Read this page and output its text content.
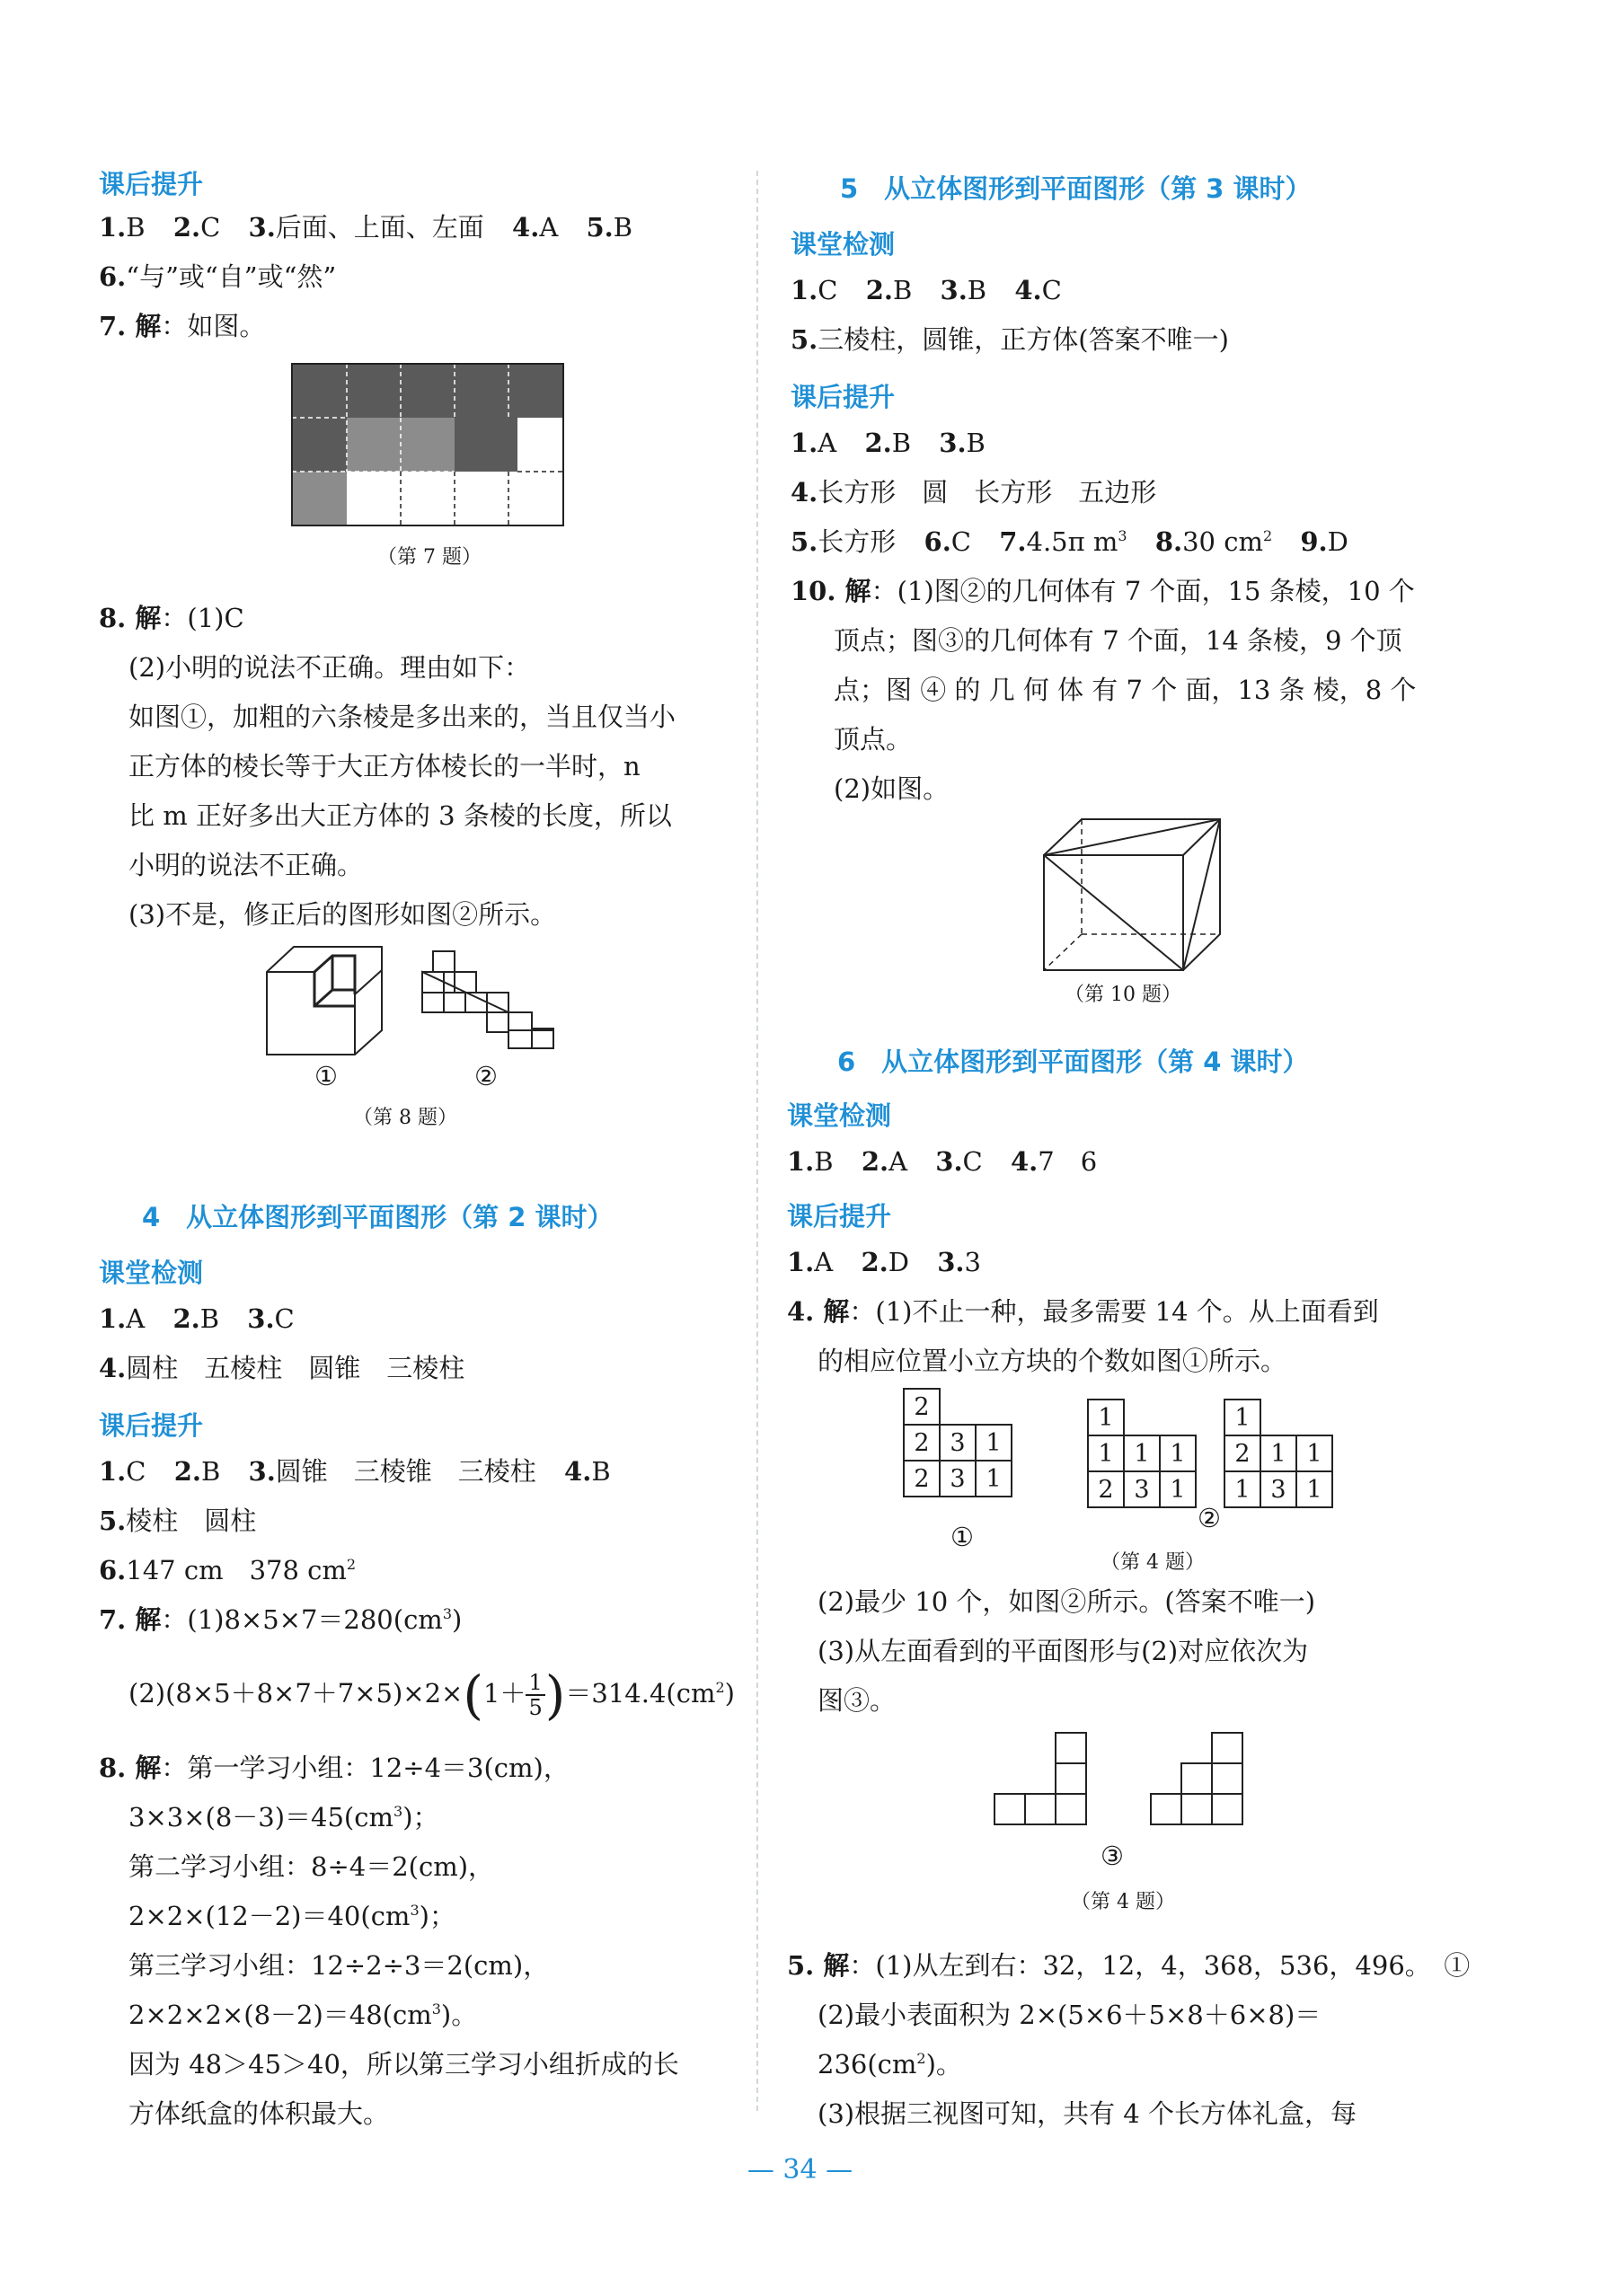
课后提升
1.B 2.C 3.后面、上面、左面 4.A 5.B
6.“与”或“自”或“然”
7. 解：如图。
（第 7 题）
8. 解：(1)C
(2)小明的说法不正确。理由如下：
如图①，加粗的六条棱是多出来的，当且仅当小
正方体的棱长等于大正方体棱长的一半时，n
比 m 正好多出大正方体的 3 条棱的长度，所以
小明的说法不正确。
(3)不是，修正后的图形如图②所示。
①	②
（第 8 题）
4　从立体图形到平面图形（第 2 课时）
课堂检测
1.A 2.B 3.C
4.圆柱　五棱柱　圆锥　三棱柱
课后提升
1.C 2.B 3.圆锥　三棱锥　三棱柱 4.B
5.棱柱　圆柱
6.147 cm　378 $cm^2$
7. 解：$(1)8\times 5\times 7=280(cm^3)$
$(2)(8\times 5+8\times 7+7\times 5)\times 2\times(1+ \frac{1}{5} )=314.4(cm^2)$
8. 解：第一学习小组：12÷4＝3(cm)，
$3\times 3\times(8-3)=45(cm^3)$；
第二学习小组：8÷4＝2(cm)，
$2\times 2\times(12-2)=40(cm^3)$；
第三学习小组：12÷2÷3＝2(cm)，
$2\times 2\times 2\times(8-2)=48(cm^3)$。
因为 48＞45＞40，所以第三学习小组折成的长
方体纸盒的体积最大。
5　从立体图形到平面图形（第 3 课时）
课堂检测
1.C 2.B 3.B 4.C
5.三棱柱，圆锥，正方体(答案不唯一)
课后提升
1.A 2.B 3.B
4.长方形　圆　长方形　五边形
5.长方形 6.C 7.4.5π $m^3$ 8.30 $cm^2$ 9.D
10. 解：(1)图②的几何体有 7 个面，15 条棱，10 个
顶点；图③的几何体有 7 个面，14 条棱，9 个顶
点；图 ④ 的 几 何 体 有 7 个 面，13 条 棱，8 个
顶点。
(2)如图。
（第 10 题）
6　从立体图形到平面图形（第 4 课时）
课堂检测
1.B 2.A 3.C 4.7　6
课后提升
1.A 2.D 3.3
4. 解：(1)不止一种，最多需要 14 个。从上面看到
的相应位置小立方块的个数如图①所示。
2		
2	3	1
2	3	1
1		
1	1	1
2	3	1
1		
2	1	1
1	3	1
①
②
（第 4 题）
(2)最少 10 个，如图②所示。(答案不唯一)
(3)从左面看到的平面图形与(2)对应依次为
图③。
③
（第 4 题）
5. 解：(1)从左到右：32，12，4，368，536，496。　①
(2)最小表面积为 2×(5×6＋5×8＋6×8)＝
$236(cm^2)$。
(3)根据三视图可知，共有 4 个长方体礼盒，每
— 34 —
